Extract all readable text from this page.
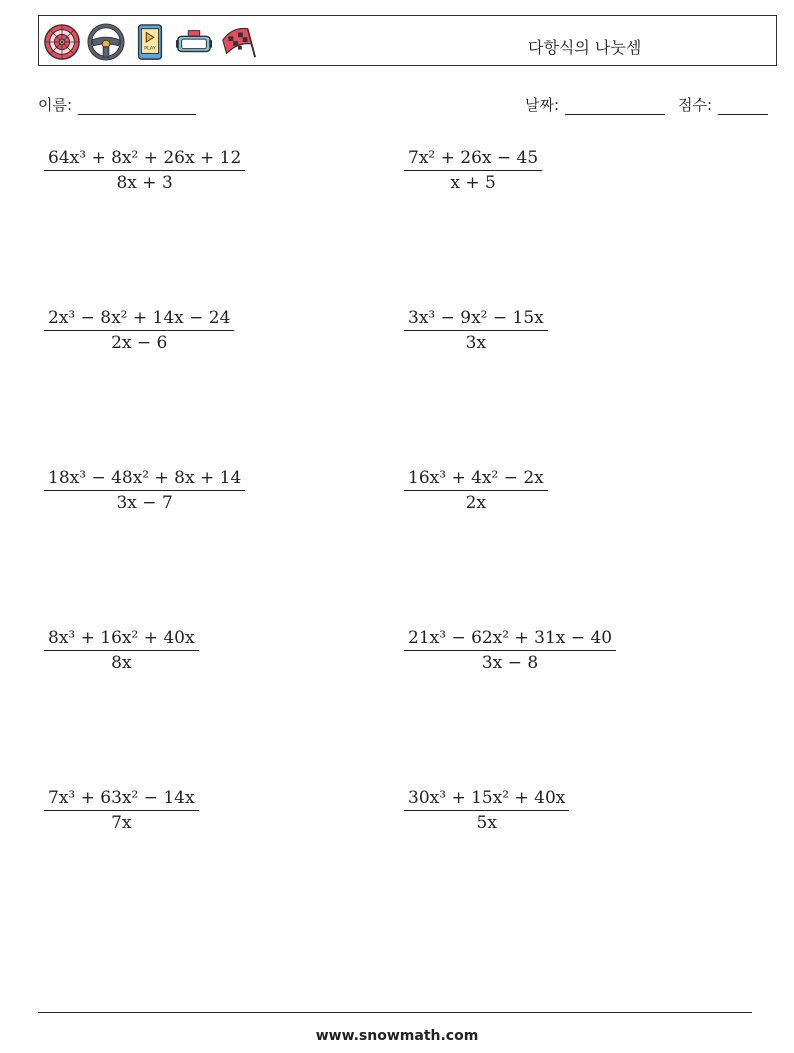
PLAY	다항식의 나눗셈
이름:	날짜:	점수:
$\frac{\text{64x³ + 8x² + 26x + 12}}{8x + 3}$	$\frac{\text{7x² + 26x − 45}}{x + 5}$
$\frac{\text{2x³ − 8x² + 14x − 24}}{2x - 6}$	$\frac{\text{3x³ − 9x² − 15x}}{3x}$
$\frac{\text{18x³ − 48x² + 8x + 14}}{3x - 7}$	$\frac{\text{16x³ + 4x² − 2x}}{2x}$
$\frac{\text{8x³ + 16x² + 40x}}{8x}$	$\frac{\text{21x³ − 62x² + 31x − 40}}{3x - 8}$
$\frac{\text{7x³ + 63x² − 14x}}{7x}$	$\frac{\text{30x³ + 15x² + 40x}}{5x}$
www.snowmath.com
